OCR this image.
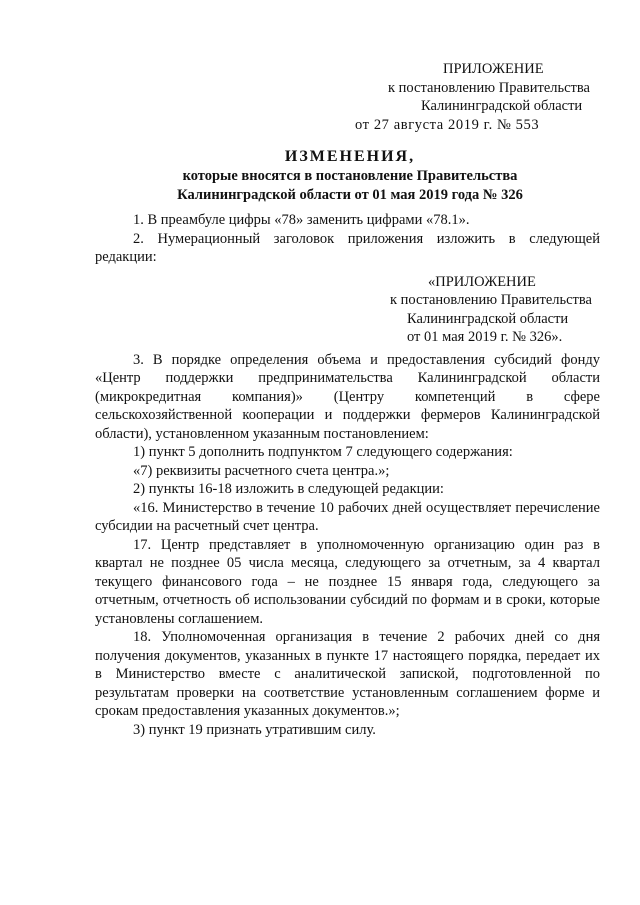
ПРИЛОЖЕНИЕ
к постановлению Правительства
Калининградской области
от 27 августа 2019 г. № 553
ИЗМЕНЕНИЯ,
которые вносятся в постановление Правительства
Калининградской области от 01 мая 2019 года № 326

1. В преамбуле цифры «78» заменить цифрами «78.1».

2. Нумерационный заголовок приложения изложить в следующей редакции:

«ПРИЛОЖЕНИЕ
к постановлению Правительства
Калининградской области
от 01 мая 2019 г. № 326».

3. В порядке определения объема и предоставления субсидий фонду «Центр поддержки предпринимательства Калининградской области (микрокредитная компания)» (Центру компетенций в сфере сельскохозяйственной кооперации и поддержки фермеров Калининградской области), установленном указанным постановлением:

1) пункт 5 дополнить подпунктом 7 следующего содержания:

«7) реквизиты расчетного счета центра.»;

2) пункты 16-18 изложить в следующей редакции:

«16. Министерство в течение 10 рабочих дней осуществляет перечисление субсидии на расчетный счет центра.

17. Центр представляет в уполномоченную организацию один раз в квартал не позднее 05 числа месяца, следующего за отчетным, за 4 квартал текущего финансового года – не позднее 15 января года, следующего за отчетным, отчетность об использовании субсидий по формам и в сроки, которые установлены соглашением.

18. Уполномоченная организация в течение 2 рабочих дней со дня получения документов, указанных в пункте 17 настоящего порядка, передает их в Министерство вместе с аналитической запиской, подготовленной по результатам проверки на соответствие установленным соглашением форме и срокам предоставления указанных документов.»;

3) пункт 19 признать утратившим силу.
